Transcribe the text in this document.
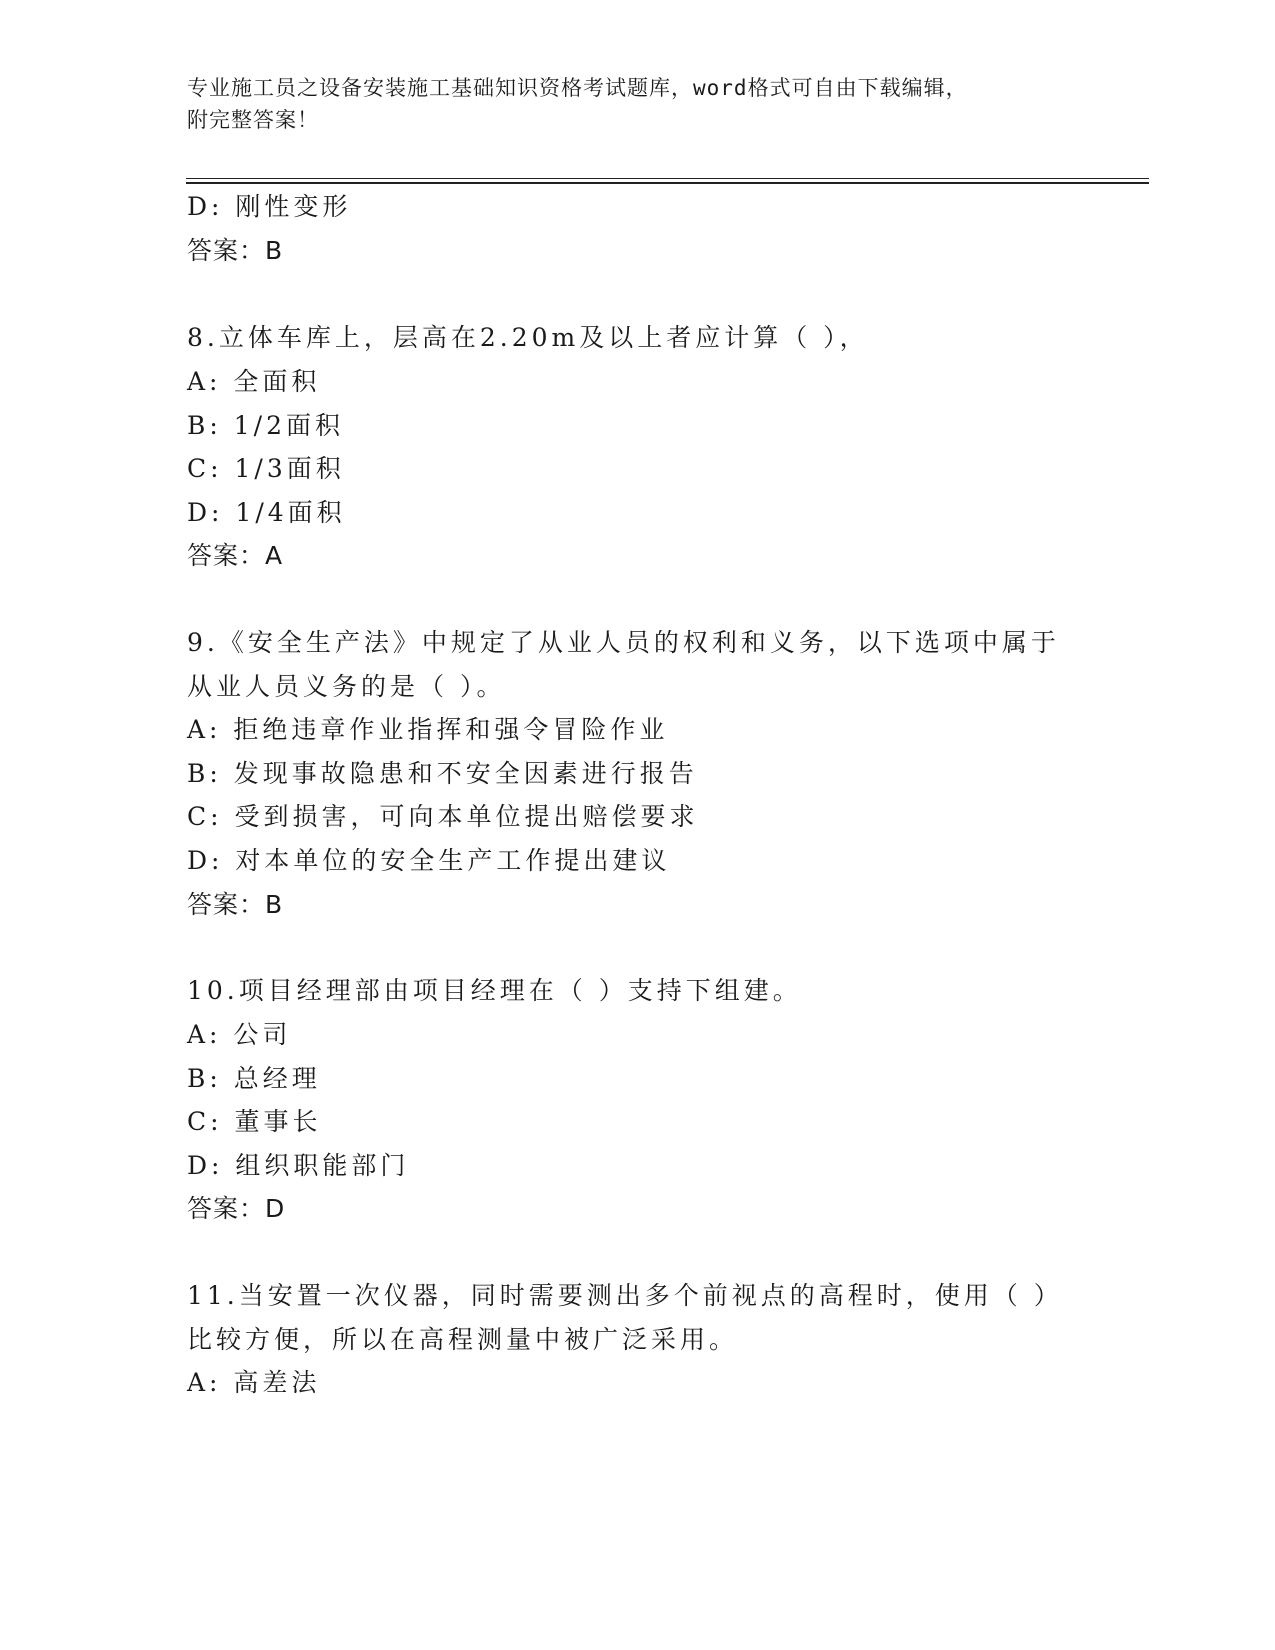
专业施工员之设备安装施工基础知识资格考试题库，word格式可自由下载编辑，
附完整答案！
D: 刚性变形
答案：B
8.立体车库上，层高在2.20m及以上者应计算（ ），
A: 全面积
B: 1/2面积
C: 1/3面积
D: 1/4面积
答案：A
9.《安全生产法》中规定了从业人员的权利和义务，以下选项中属于
从业人员义务的是（ ）。
A: 拒绝违章作业指挥和强令冒险作业
B: 发现事故隐患和不安全因素进行报告
C: 受到损害，可向本单位提出赔偿要求
D: 对本单位的安全生产工作提出建议
答案：B
10.项目经理部由项目经理在（ ）支持下组建。
A: 公司
B: 总经理
C: 董事长
D: 组织职能部门
答案：D
11.当安置一次仪器，同时需要测出多个前视点的高程时，使用（ ）
比较方便，所以在高程测量中被广泛采用。
A: 高差法
